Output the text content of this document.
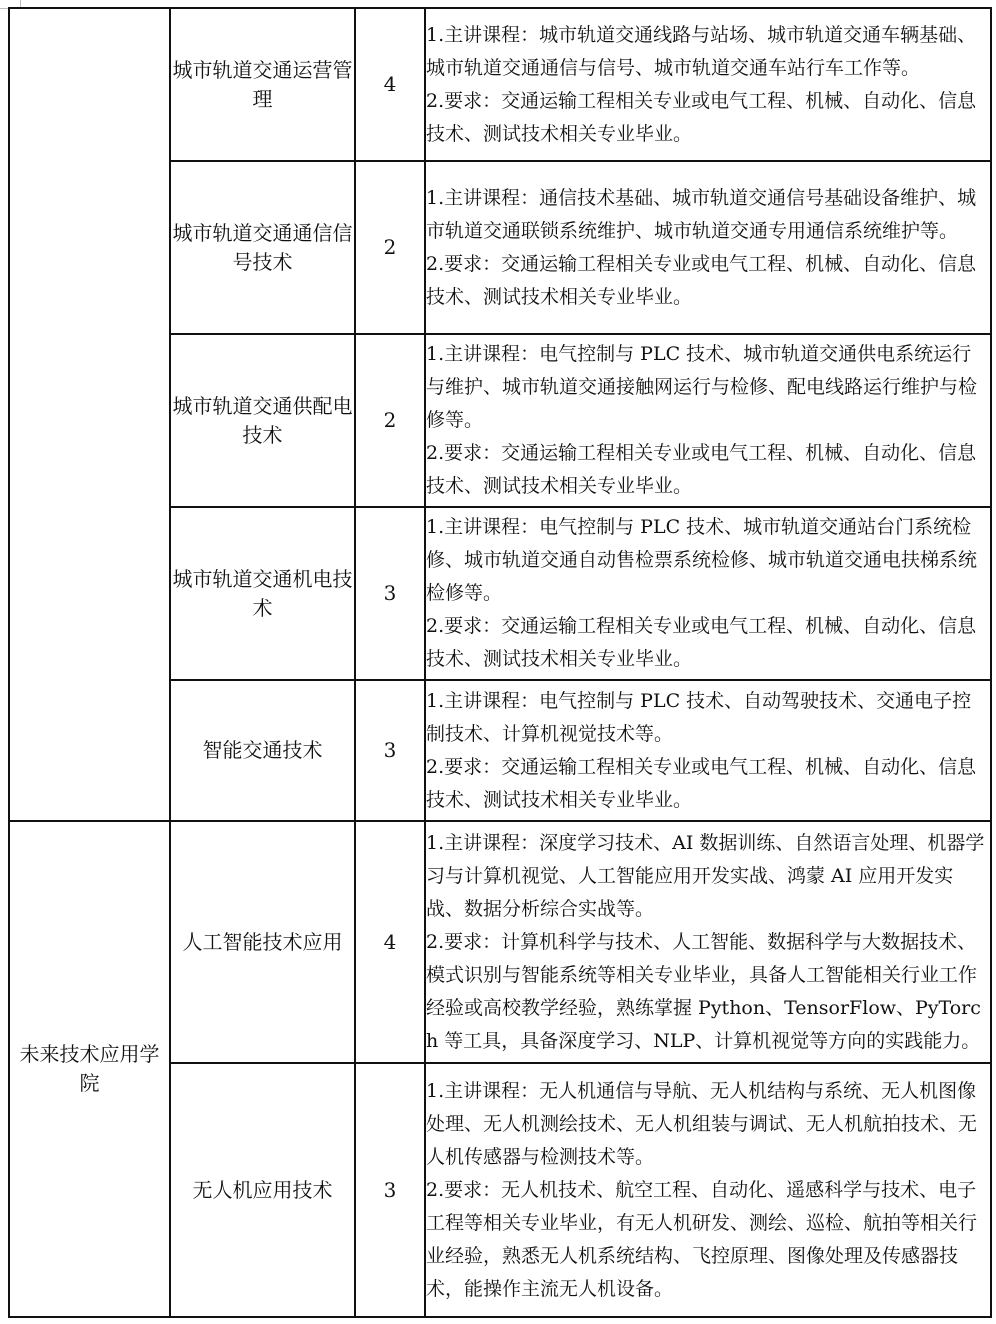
	城市轨道交通运营管理	4	1.主讲课程：城市轨道交通线路与站场、城市轨道交通车辆基础、城市轨道交通通信与信号、城市轨道交通车站行车工作等。
2.要求：交通运输工程相关专业或电气工程、机械、自动化、信息技术、测试技术相关专业毕业。

	城市轨道交通通信信号技术	2	1.主讲课程：通信技术基础、城市轨道交通信号基础设备维护、城市轨道交通联锁系统维护、城市轨道交通专用通信系统维护等。
2.要求：交通运输工程相关专业或电气工程、机械、自动化、信息技术、测试技术相关专业毕业。

	城市轨道交通供配电技术	2	1.主讲课程：电气控制与 PLC 技术、城市轨道交通供电系统运行与维护、城市轨道交通接触网运行与检修、配电线路运行维护与检修等。
2.要求：交通运输工程相关专业或电气工程、机械、自动化、信息技术、测试技术相关专业毕业。

	城市轨道交通机电技术	3	1.主讲课程：电气控制与 PLC 技术、城市轨道交通站台门系统检修、城市轨道交通自动售检票系统检修、城市轨道交通电扶梯系统检修等。
2.要求：交通运输工程相关专业或电气工程、机械、自动化、信息技术、测试技术相关专业毕业。

	智能交通技术	3	1.主讲课程：电气控制与 PLC 技术、自动驾驶技术、交通电子控制技术、计算机视觉技术等。
2.要求：交通运输工程相关专业或电气工程、机械、自动化、信息技术、测试技术相关专业毕业。

未来技术应用学院	人工智能技术应用	4	1.主讲课程：深度学习技术、AI 数据训练、自然语言处理、机器学习与计算机视觉、人工智能应用开发实战、鸿蒙 AI 应用开发实战、数据分析综合实战等。
2.要求：计算机科学与技术、人工智能、数据科学与大数据技术、模式识别与智能系统等相关专业毕业，具备人工智能相关行业工作经验或高校教学经验，熟练掌握 Python、TensorFlow、PyTorch 等工具，具备深度学习、NLP、计算机视觉等方向的实践能力。

	无人机应用技术	3	1.主讲课程：无人机通信与导航、无人机结构与系统、无人机图像处理、无人机测绘技术、无人机组装与调试、无人机航拍技术、无人机传感器与检测技术等。
2.要求：无人机技术、航空工程、自动化、遥感科学与技术、电子工程等相关专业毕业，有无人机研发、测绘、巡检、航拍等相关行业经验，熟悉无人机系统结构、飞控原理、图像处理及传感器技术，能操作主流无人机设备。
